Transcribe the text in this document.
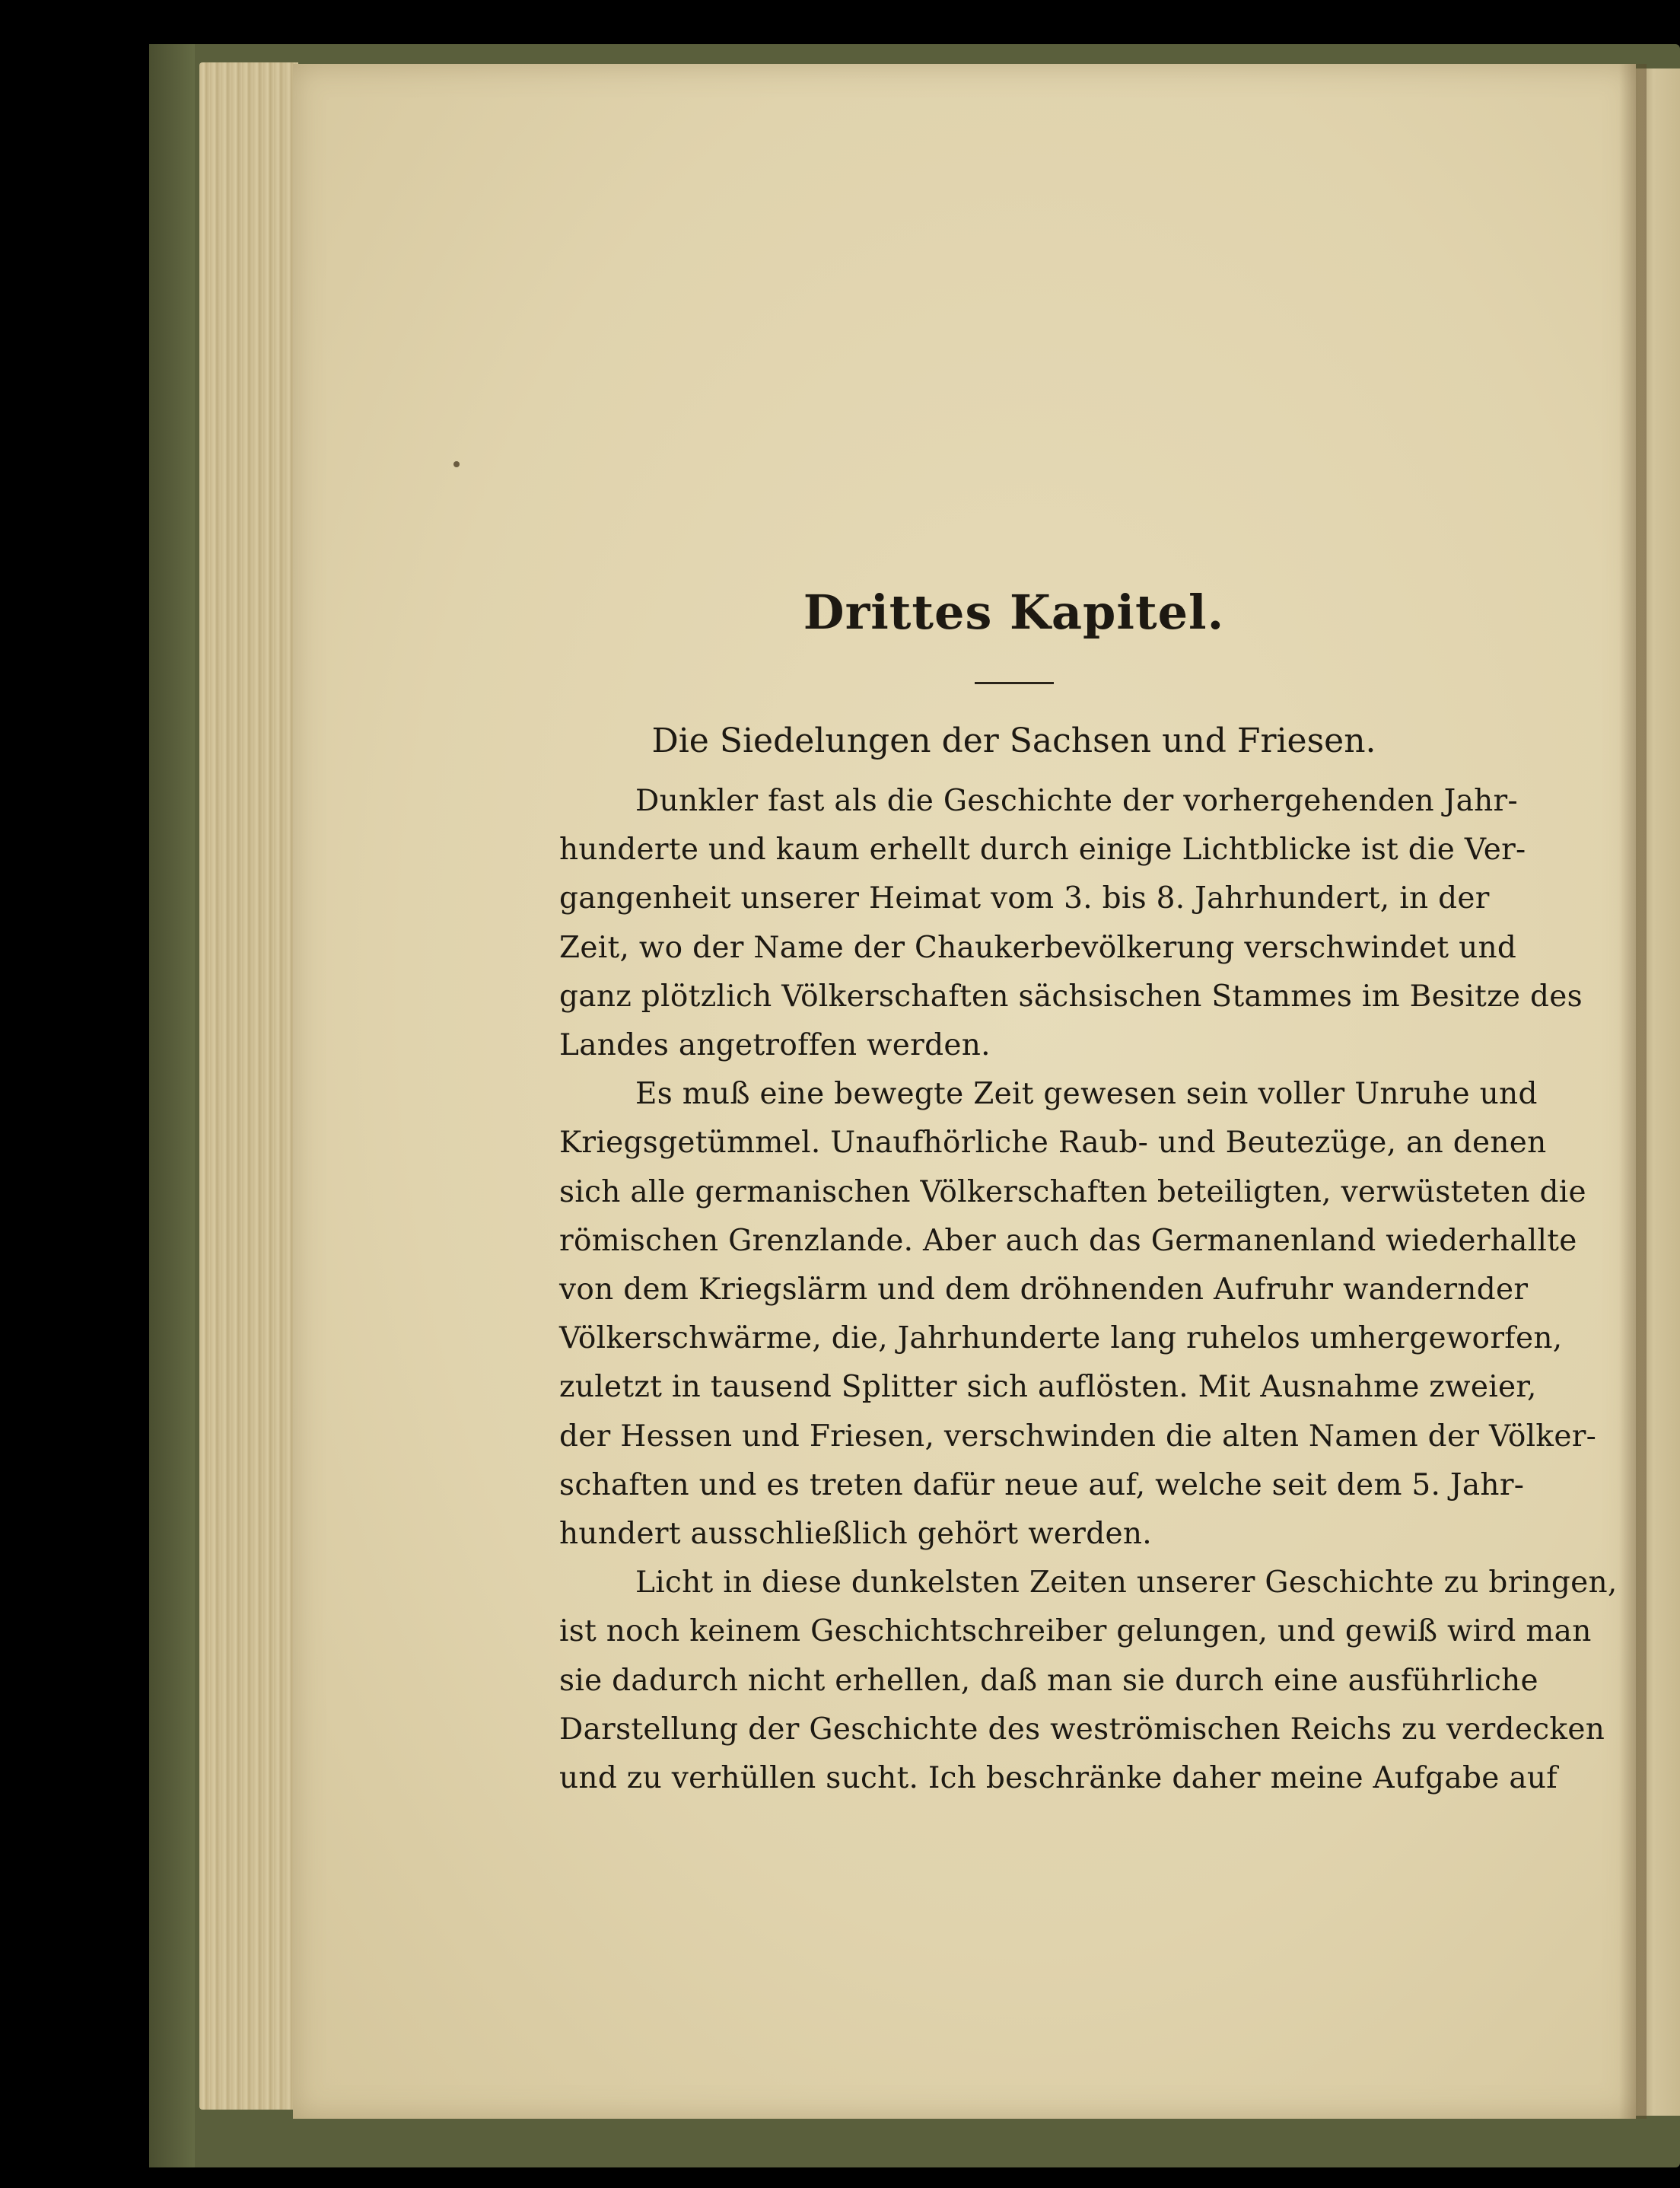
Drittes Kapitel.
Die Siedelungen der Sachsen und Friesen.
Dunkler fast als die Geschichte der vorhergehenden Jahr-
hunderte und kaum erhellt durch einige Lichtblicke ist die Ver-
gangenheit unserer Heimat vom 3. bis 8. Jahrhundert, in der
Zeit, wo der Name der Chaukerbevölkerung verschwindet und
ganz plötzlich Völkerschaften sächsischen Stammes im Besitze des
Landes angetroffen werden.
Es muß eine bewegte Zeit gewesen sein voller Unruhe und
Kriegsgetümmel. Unaufhörliche Raub- und Beutezüge, an denen
sich alle germanischen Völkerschaften beteiligten, verwüsteten die
römischen Grenzlande. Aber auch das Germanenland wiederhallte
von dem Kriegslärm und dem dröhnenden Aufruhr wandernder
Völkerschwärme, die, Jahrhunderte lang ruhelos umhergeworfen,
zuletzt in tausend Splitter sich auflösten. Mit Ausnahme zweier,
der Hessen und Friesen, verschwinden die alten Namen der Völker-
schaften und es treten dafür neue auf, welche seit dem 5. Jahr-
hundert ausschließlich gehört werden.
Licht in diese dunkelsten Zeiten unserer Geschichte zu bringen,
ist noch keinem Geschichtschreiber gelungen, und gewiß wird man
sie dadurch nicht erhellen, daß man sie durch eine ausführliche
Darstellung der Geschichte des weströmischen Reichs zu verdecken
und zu verhüllen sucht. Ich beschränke daher meine Aufgabe auf
